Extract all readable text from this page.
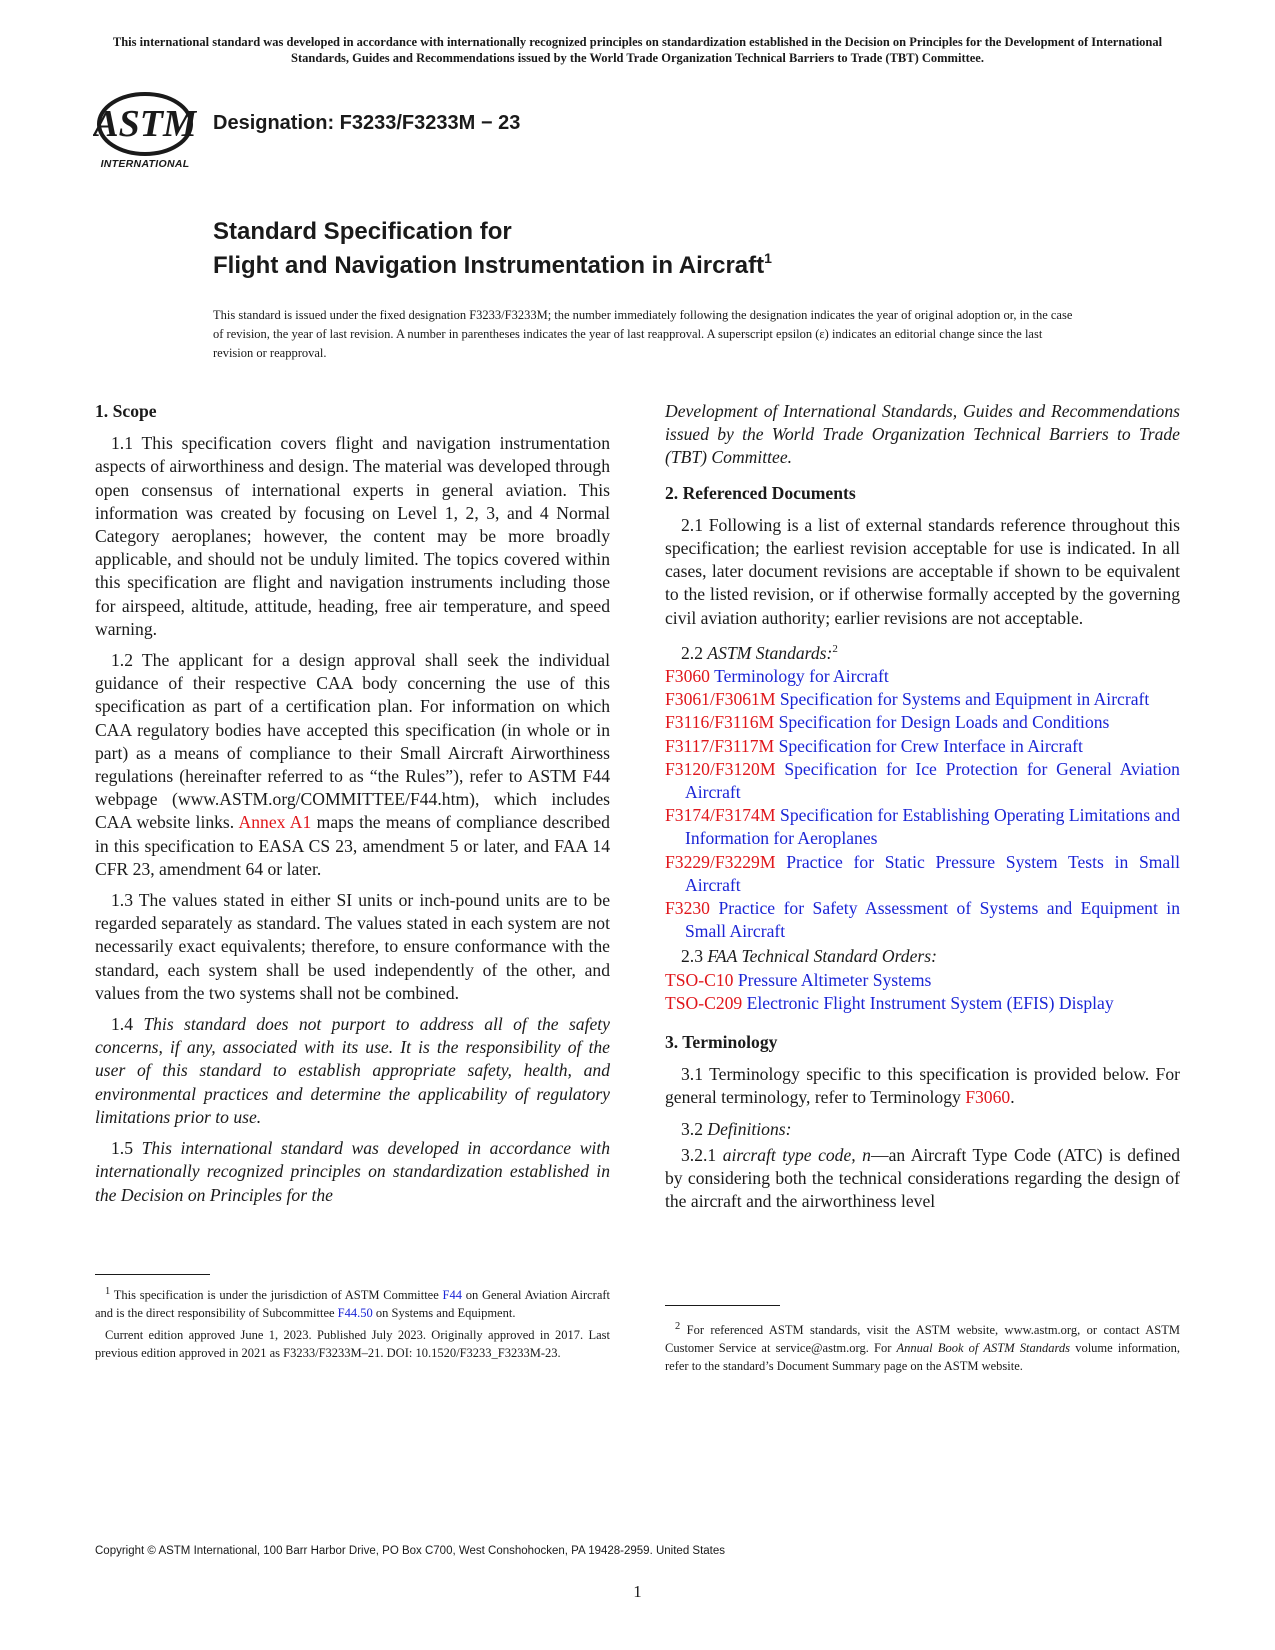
This international standard was developed in accordance with internationally recognized principles on standardization established in the Decision on Principles for the Development of International Standards, Guides and Recommendations issued by the World Trade Organization Technical Barriers to Trade (TBT) Committee.
ASTM
INTERNATIONAL
Designation: F3233/F3233M − 23
Standard Specification for
Flight and Navigation Instrumentation in Aircraft$^1$
This standard is issued under the fixed designation F3233/F3233M; the number immediately following the designation indicates the year of original adoption or, in the case of revision, the year of last revision. A number in parentheses indicates the year of last reapproval. A superscript epsilon (ε) indicates an editorial change since the last revision or reapproval.
1. Scope

1.1 This specification covers flight and navigation instrumentation aspects of airworthiness and design. The material was developed through open consensus of international experts in general aviation. This information was created by focusing on Level 1, 2, 3, and 4 Normal Category aeroplanes; however, the content may be more broadly applicable, and should not be unduly limited. The topics covered within this specification are flight and navigation instruments including those for airspeed, altitude, attitude, heading, free air temperature, and speed warning.

1.2 The applicant for a design approval shall seek the individual guidance of their respective CAA body concerning the use of this specification as part of a certification plan. For information on which CAA regulatory bodies have accepted this specification (in whole or in part) as a means of compliance to their Small Aircraft Airworthiness regulations (hereinafter referred to as “the Rules”), refer to ASTM F44 webpage (www.ASTM.org/COMMITTEE/F44.htm), which includes CAA website links. Annex A1 maps the means of compliance described in this specification to EASA CS 23, amendment 5 or later, and FAA 14 CFR 23, amendment 64 or later.

1.3 The values stated in either SI units or inch-pound units are to be regarded separately as standard. The values stated in each system are not necessarily exact equivalents; therefore, to ensure conformance with the standard, each system shall be used independently of the other, and values from the two systems shall not be combined.

1.4 This standard does not purport to address all of the safety concerns, if any, associated with its use. It is the responsibility of the user of this standard to establish appropriate safety, health, and environmental practices and determine the applicability of regulatory limitations prior to use.

1.5 This international standard was developed in accordance with internationally recognized principles on standardization established in the Decision on Principles for the

Development of International Standards, Guides and Recommendations issued by the World Trade Organization Technical Barriers to Trade (TBT) Committee.

2. Referenced Documents

2.1 Following is a list of external standards reference throughout this specification; the earliest revision acceptable for use is indicated. In all cases, later document revisions are acceptable if shown to be equivalent to the listed revision, or if otherwise formally accepted by the governing civil aviation authority; earlier revisions are not acceptable.

2.2 ASTM Standards:$^2$

F3060 Terminology for Aircraft

F3061/F3061M Specification for Systems and Equipment in Aircraft

F3116/F3116M Specification for Design Loads and Conditions

F3117/F3117M Specification for Crew Interface in Aircraft

F3120/F3120M Specification for Ice Protection for General Aviation Aircraft

F3174/F3174M Specification for Establishing Operating Limitations and Information for Aeroplanes

F3229/F3229M Practice for Static Pressure System Tests in Small Aircraft

F3230 Practice for Safety Assessment of Systems and Equipment in Small Aircraft

2.3 FAA Technical Standard Orders:

TSO-C10 Pressure Altimeter Systems

TSO-C209 Electronic Flight Instrument System (EFIS) Display

3. Terminology

3.1 Terminology specific to this specification is provided below. For general terminology, refer to Terminology F3060.

3.2 Definitions:

3.2.1 aircraft type code, n—an Aircraft Type Code (ATC) is defined by considering both the technical considerations regarding the design of the aircraft and the airworthiness level

$^1$ This specification is under the jurisdiction of ASTM Committee F44 on General Aviation Aircraft and is the direct responsibility of Subcommittee F44.50 on Systems and Equipment.

Current edition approved June 1, 2023. Published July 2023. Originally approved in 2017. Last previous edition approved in 2021 as F3233/F3233M–21. DOI: 10.1520/F3233_F3233M-23.

$^2$ For referenced ASTM standards, visit the ASTM website, www.astm.org, or contact ASTM Customer Service at service@astm.org. For Annual Book of ASTM Standards volume information, refer to the standard’s Document Summary page on the ASTM website.

Copyright © ASTM International, 100 Barr Harbor Drive, PO Box C700, West Conshohocken, PA 19428-2959. United States
1
